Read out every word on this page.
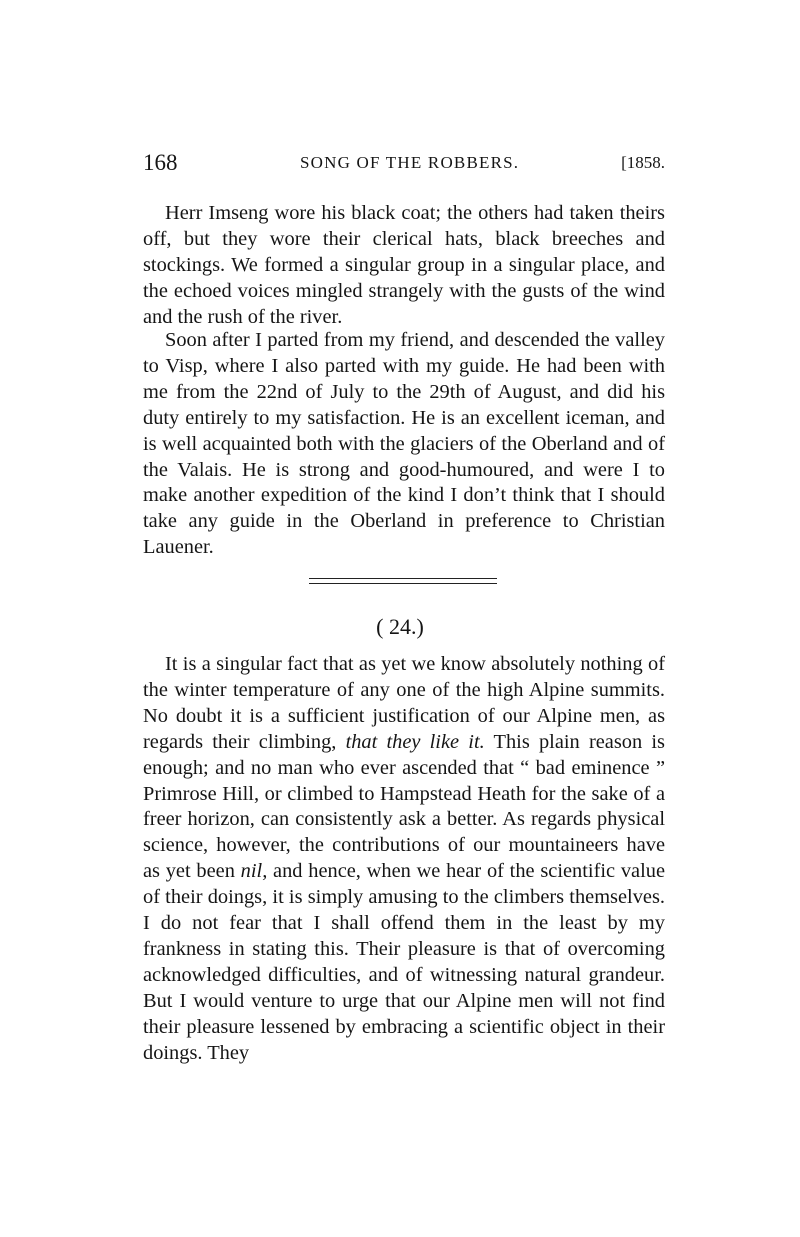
168	SONG OF THE ROBBERS.	[1858.

Herr Imseng wore his black coat; the others had taken theirs off, but they wore their clerical hats, black breeches and stockings. We formed a singular group in a singular place, and the echoed voices mingled strangely with the gusts of the wind and the rush of the river.

Soon after I parted from my friend, and descended the valley to Visp, where I also parted with my guide. He had been with me from the 22nd of July to the 29th of August, and did his duty entirely to my satisfaction. He is an excellent iceman, and is well acquainted both with the glaciers of the Oberland and of the Valais. He is strong and good-humoured, and were I to make another expedition of the kind I don’t think that I should take any guide in the Oberland in preference to Christian Lauener.

( 24.)

It is a singular fact that as yet we know absolutely nothing of the winter temperature of any one of the high Alpine summits. No doubt it is a sufficient justification of our Alpine men, as regards their climbing, that they like it. This plain reason is enough; and no man who ever ascended that “ bad eminence ” Primrose Hill, or climbed to Hampstead Heath for the sake of a freer horizon, can consistently ask a better. As regards physical science, however, the contributions of our mountaineers have as yet been nil, and hence, when we hear of the scientific value of their doings, it is simply amusing to the climbers themselves. I do not fear that I shall offend them in the least by my frankness in stating this. Their pleasure is that of overcoming acknowledged difficulties, and of witnessing natural grandeur. But I would venture to urge that our Alpine men will not find their pleasure lessened by embracing a scientific object in their doings. They
